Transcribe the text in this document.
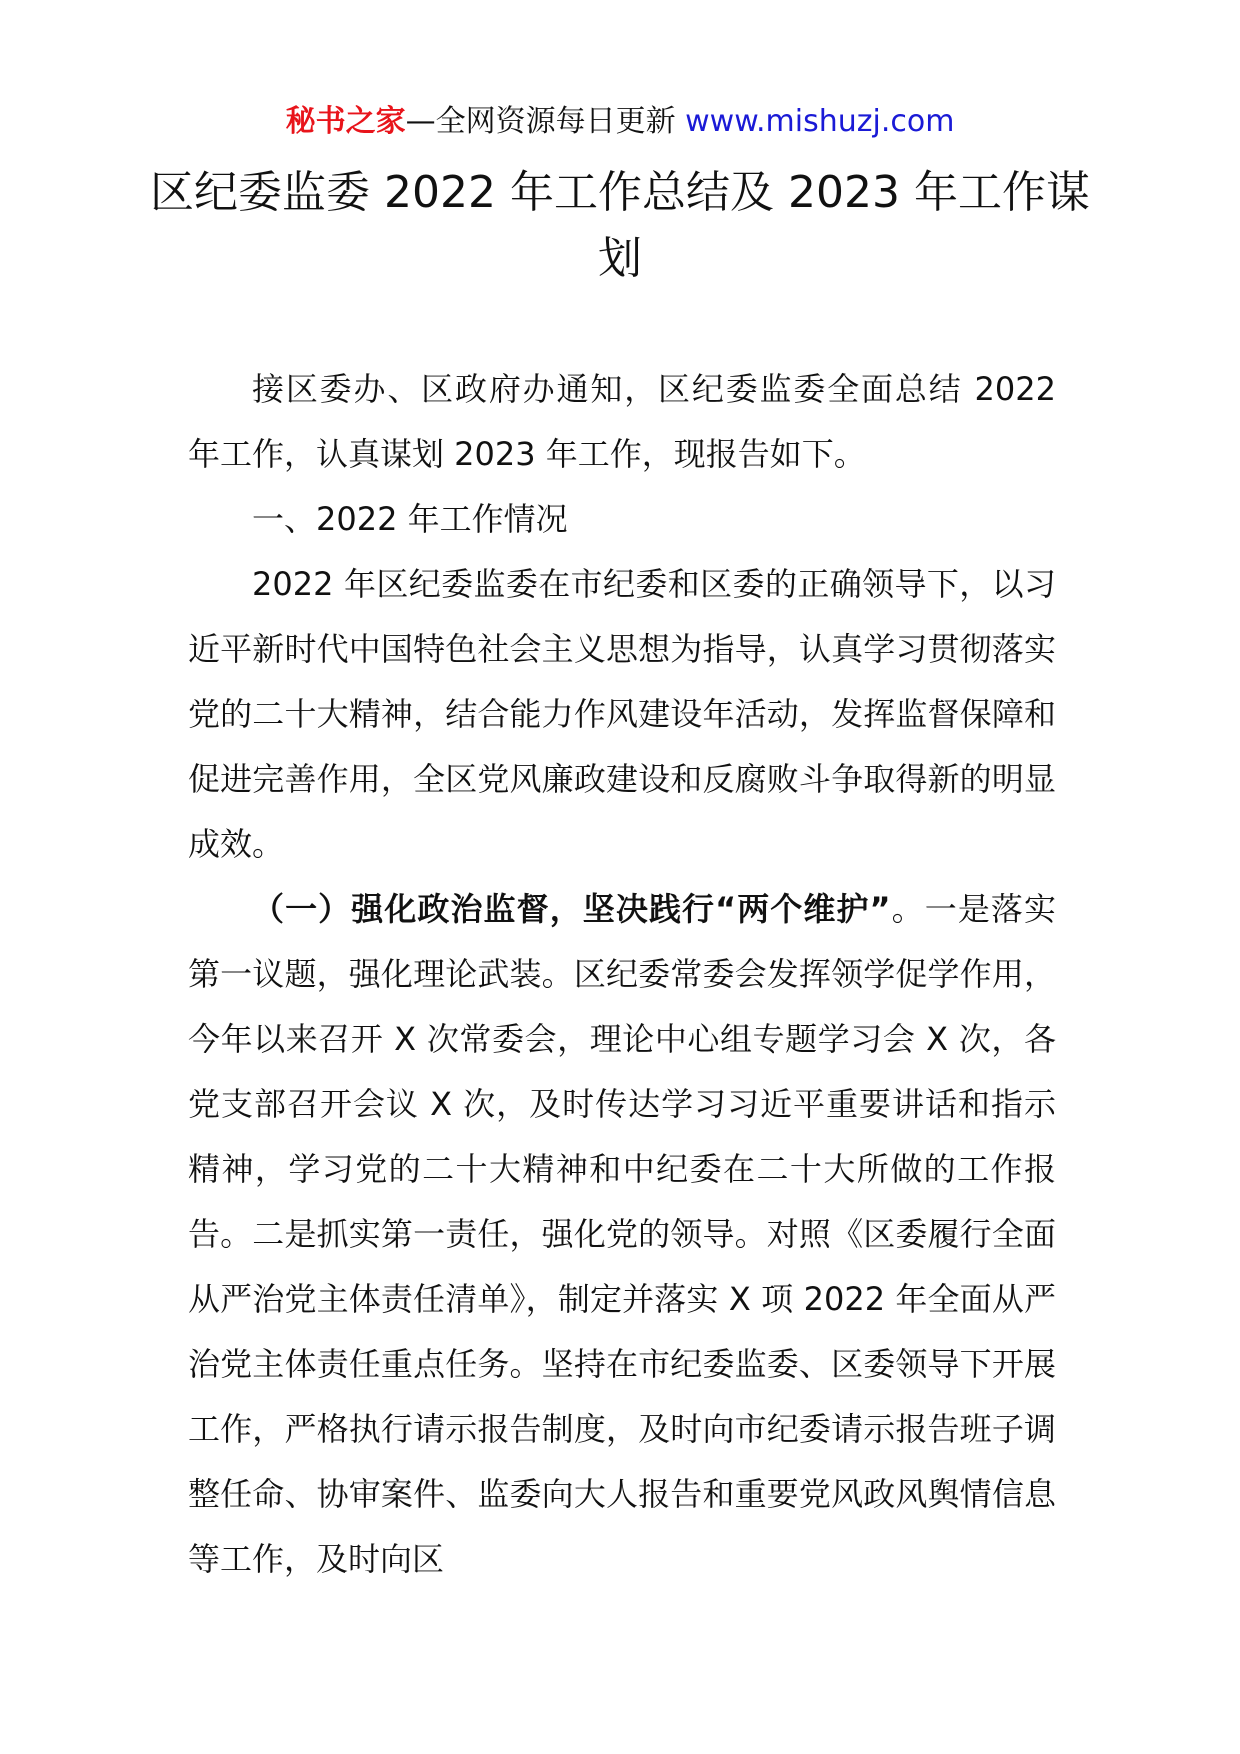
秘书之家—全网资源每日更新 www.mishuzj.com
区纪委监委 2022 年工作总结及 2023 年工作谋划

接区委办、区政府办通知，区纪委监委全面总结 2022 年工作，认真谋划 2023 年工作，现报告如下。

一、2022 年工作情况

2022 年区纪委监委在市纪委和区委的正确领导下，以习近平新时代中国特色社会主义思想为指导，认真学习贯彻落实党的二十大精神，结合能力作风建设年活动，发挥监督保障和促进完善作用，全区党风廉政建设和反腐败斗争取得新的明显成效。

（一）强化政治监督，坚决践行“两个维护”。一是落实第一议题，强化理论武装。区纪委常委会发挥领学促学作用，今年以来召开 X 次常委会，理论中心组专题学习会 X 次，各党支部召开会议 X 次，及时传达学习习近平重要讲话和指示精神，学习党的二十大精神和中纪委在二十大所做的工作报告。二是抓实第一责任，强化党的领导。对照《区委履行全面从严治党主体责任清单》，制定并落实 X 项 2022 年全面从严治党主体责任重点任务。坚持在市纪委监委、区委领导下开展工作，严格执行请示报告制度，及时向市纪委请示报告班子调整任命、协审案件、监委向大人报告和重要党风政风舆情信息等工作，及时向区
